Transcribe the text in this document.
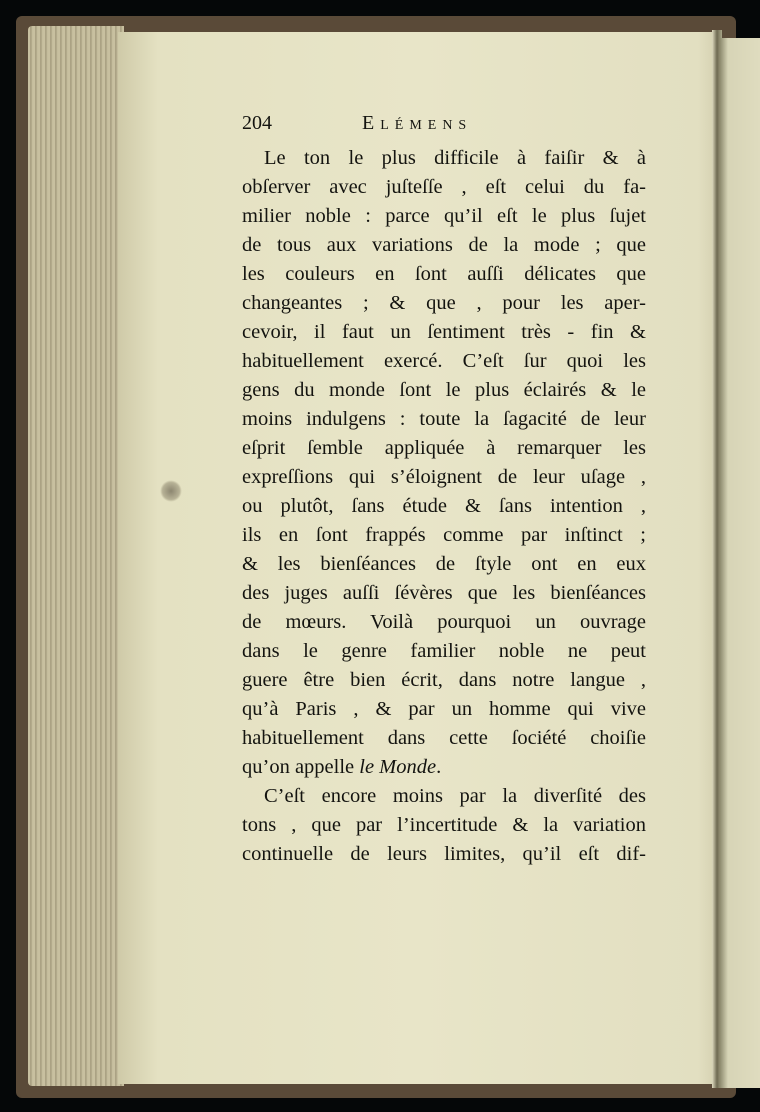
204	Elémens
Le ton le plus difficile à faiſir & à
obſerver avec juſteſſe , eſt celui du fa-
milier noble : parce qu’il eſt le plus ſujet
de tous aux variations de la mode ; que
les couleurs en ſont auſſi délicates que
changeantes ; & que , pour les aper-
cevoir, il faut un ſentiment très - fin &
habituellement exercé. C’eſt ſur quoi les
gens du monde ſont le plus éclairés & le
moins indulgens : toute la ſagacité de leur
eſprit ſemble appliquée à remarquer les
expreſſions qui s’éloignent de leur uſage ,
ou plutôt, ſans étude & ſans intention ,
ils en ſont frappés comme par inſtinct ;
& les bienſéances de ſtyle ont en eux
des juges auſſi ſévères que les bienſéances
de mœurs. Voilà pourquoi un ouvrage
dans le genre familier noble ne peut
guere être bien écrit, dans notre langue ,
qu’à Paris , & par un homme qui vive
habituellement dans cette ſociété choiſie
qu’on appelle le Monde.
C’eſt encore moins par la diverſité des
tons , que par l’incertitude & la variation
continuelle de leurs limites, qu’il eſt dif-
